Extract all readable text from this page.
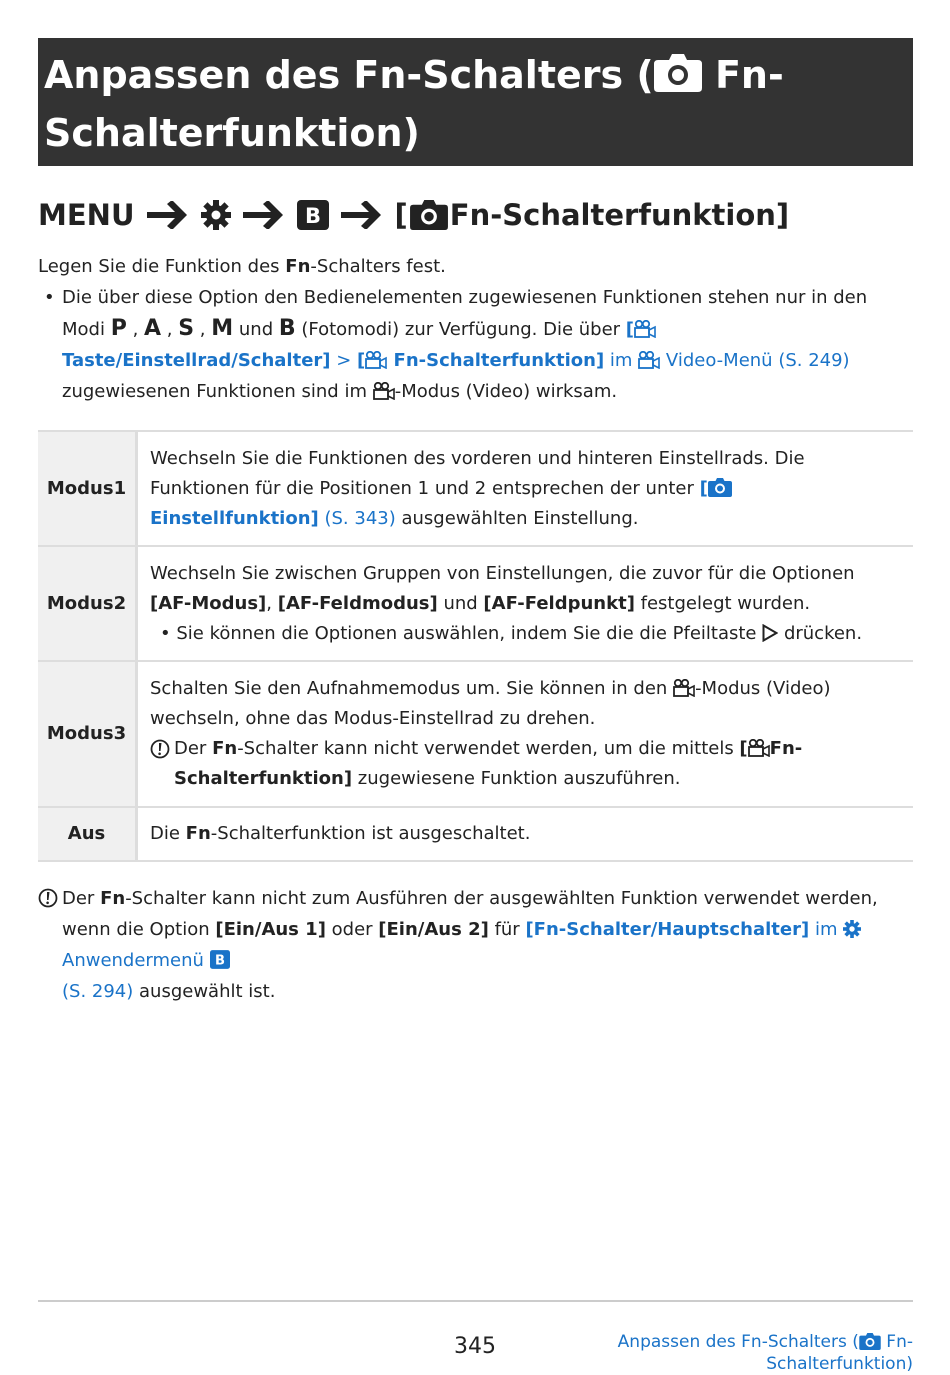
Anpassen des Fn-Schalters ( Fn-
Schalterfunktion)

MENU	B	[ Fn-Schalterfunktion]
Legen Sie die Funktion des Fn-Schalters fest.
• Die über diese Option den Bedienelementen zugewiesenen Funktionen stehen nur in den Modi P , A , S , M und B (Fotomodi) zur Verfügung. Die über [ Taste/Einstellrad/Schalter] > [ Fn-Schalterfunktion] im  Video-Menü (S. 249) zugewiesenen Funktionen sind im -Modus (Video) wirksam.
Modus1	Wechseln Sie die Funktionen des vorderen und hinteren Einstellrads. Die Funktionen für die Positionen 1 und 2 entsprechen der unter [ Einstellfunktion] (S. 343) ausgewählten Einstellung.
Modus2	Wechseln Sie zwischen Gruppen von Einstellungen, die zuvor für die Optionen [AF-Modus], [AF-Feldmodus] und [AF-Feldpunkt] festgelegt wurden.
• Sie können die Optionen auswählen, indem Sie die die Pfeiltaste  drücken.

Modus3	Schalten Sie den Aufnahmemodus um. Sie können in den -Modus (Video) wechseln, ohne das Modus-Einstellrad zu drehen.
Der Fn-Schalter kann nicht verwendet werden, um die mittels [ Fn-Schalterfunktion] zugewiesene Funktion auszuführen.

Aus	Die Fn-Schalterfunktion ist ausgeschaltet.
Der Fn-Schalter kann nicht zum Ausführen der ausgewählten Funktion verwendet werden, wenn die Option [Ein/Aus 1] oder [Ein/Aus 2] für [Fn-Schalter/Hauptschalter] im  Anwendermenü B

(S. 294) ausgewählt ist.
345	Anpassen des Fn-Schalters ( Fn-
Schalterfunktion)
